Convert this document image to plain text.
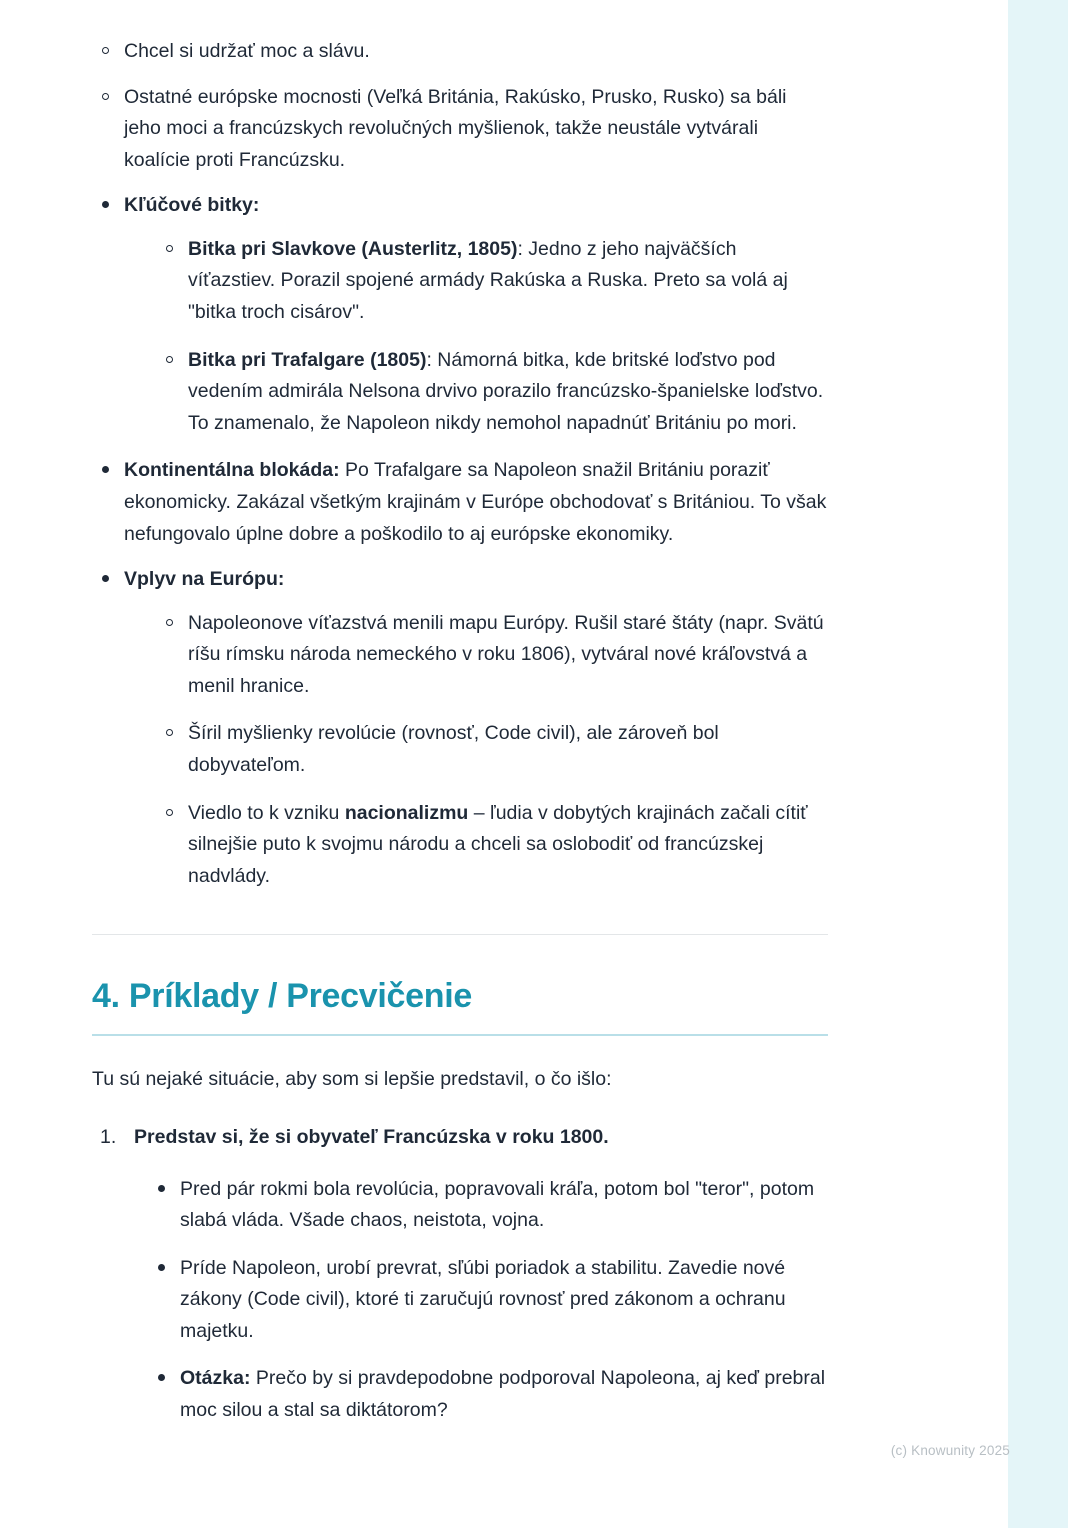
Chcel si udržať moc a slávu.
Ostatné európske mocnosti (Veľká Británia, Rakúsko, Prusko, Rusko) sa báli jeho moci a francúzskych revolučných myšlienok, takže neustále vytvárali koalície proti Francúzsku.
Kľúčové bitky:
Bitka pri Slavkove (Austerlitz, 1805): Jedno z jeho najväčších víťazstiev. Porazil spojené armády Rakúska a Ruska. Preto sa volá aj "bitka troch cisárov".
Bitka pri Trafalgare (1805): Námorná bitka, kde britské loďstvo pod vedením admirála Nelsona drvivo porazilo francúzsko-španielske loďstvo. To znamenalo, že Napoleon nikdy nemohol napadnúť Britániu po mori.
Kontinentálna blokáda: Po Trafalgare sa Napoleon snažil Britániu poraziť ekonomicky. Zakázal všetkým krajinám v Európe obchodovať s Britániou. To však nefungovalo úplne dobre a poškodilo to aj európske ekonomiky.
Vplyv na Európu:
Napoleonove víťazstvá menili mapu Európy. Rušil staré štáty (napr. Svätú ríšu rímsku národa nemeckého v roku 1806), vytváral nové kráľovstvá a menil hranice.
Šíril myšlienky revolúcie (rovnosť, Code civil), ale zároveň bol dobyvateľom.
Viedlo to k vzniku nacionalizmu – ľudia v dobytých krajinách začali cítiť silnejšie puto k svojmu národu a chceli sa oslobodiť od francúzskej nadvlády.
4. Príklady / Precvičenie
Tu sú nejaké situácie, aby som si lepšie predstavil, o čo išlo:
1. Predstav si, že si obyvateľ Francúzska v roku 1800.
Pred pár rokmi bola revolúcia, popravovali kráľa, potom bol "teror", potom slabá vláda. Všade chaos, neistota, vojna.
Príde Napoleon, urobí prevrat, sľúbi poriadok a stabilitu. Zavedie nové zákony (Code civil), ktoré ti zaručujú rovnosť pred zákonom a ochranu majetku.
Otázka: Prečo by si pravdepodobne podporoval Napoleona, aj keď prebral moc silou a stal sa diktátorom?
(c) Knowunity 2025
